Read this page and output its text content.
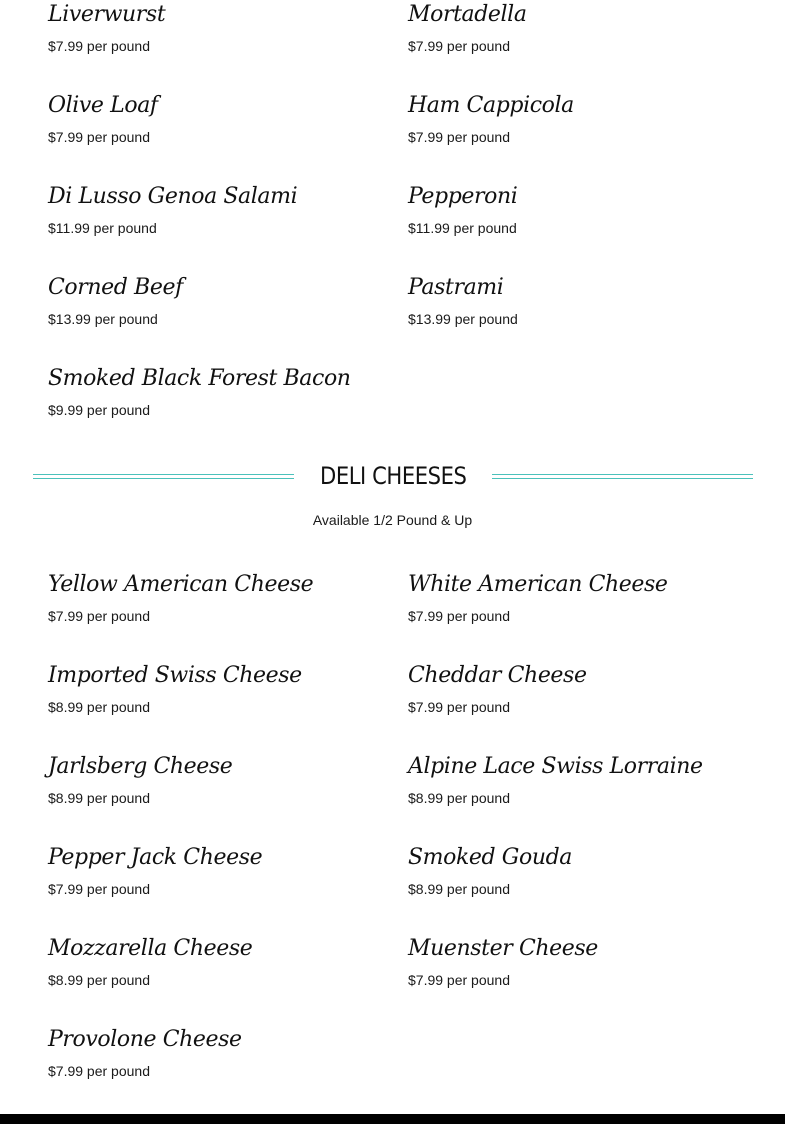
Liverwurst
$7.99 per pound
Mortadella
$7.99 per pound
Olive Loaf
$7.99 per pound
Ham Cappicola
$7.99 per pound
Di Lusso Genoa Salami
$11.99 per pound
Pepperoni
$11.99 per pound
Corned Beef
$13.99 per pound
Pastrami
$13.99 per pound
Smoked Black Forest Bacon
$9.99 per pound
DELI CHEESES
Available 1/2 Pound & Up
Yellow American Cheese
$7.99 per pound
White American Cheese
$7.99 per pound
Imported Swiss Cheese
$8.99 per pound
Cheddar Cheese
$7.99 per pound
Jarlsberg Cheese
$8.99 per pound
Alpine Lace Swiss Lorraine
$8.99 per pound
Pepper Jack Cheese
$7.99 per pound
Smoked Gouda
$8.99 per pound
Mozzarella Cheese
$8.99 per pound
Muenster Cheese
$7.99 per pound
Provolone Cheese
$7.99 per pound
